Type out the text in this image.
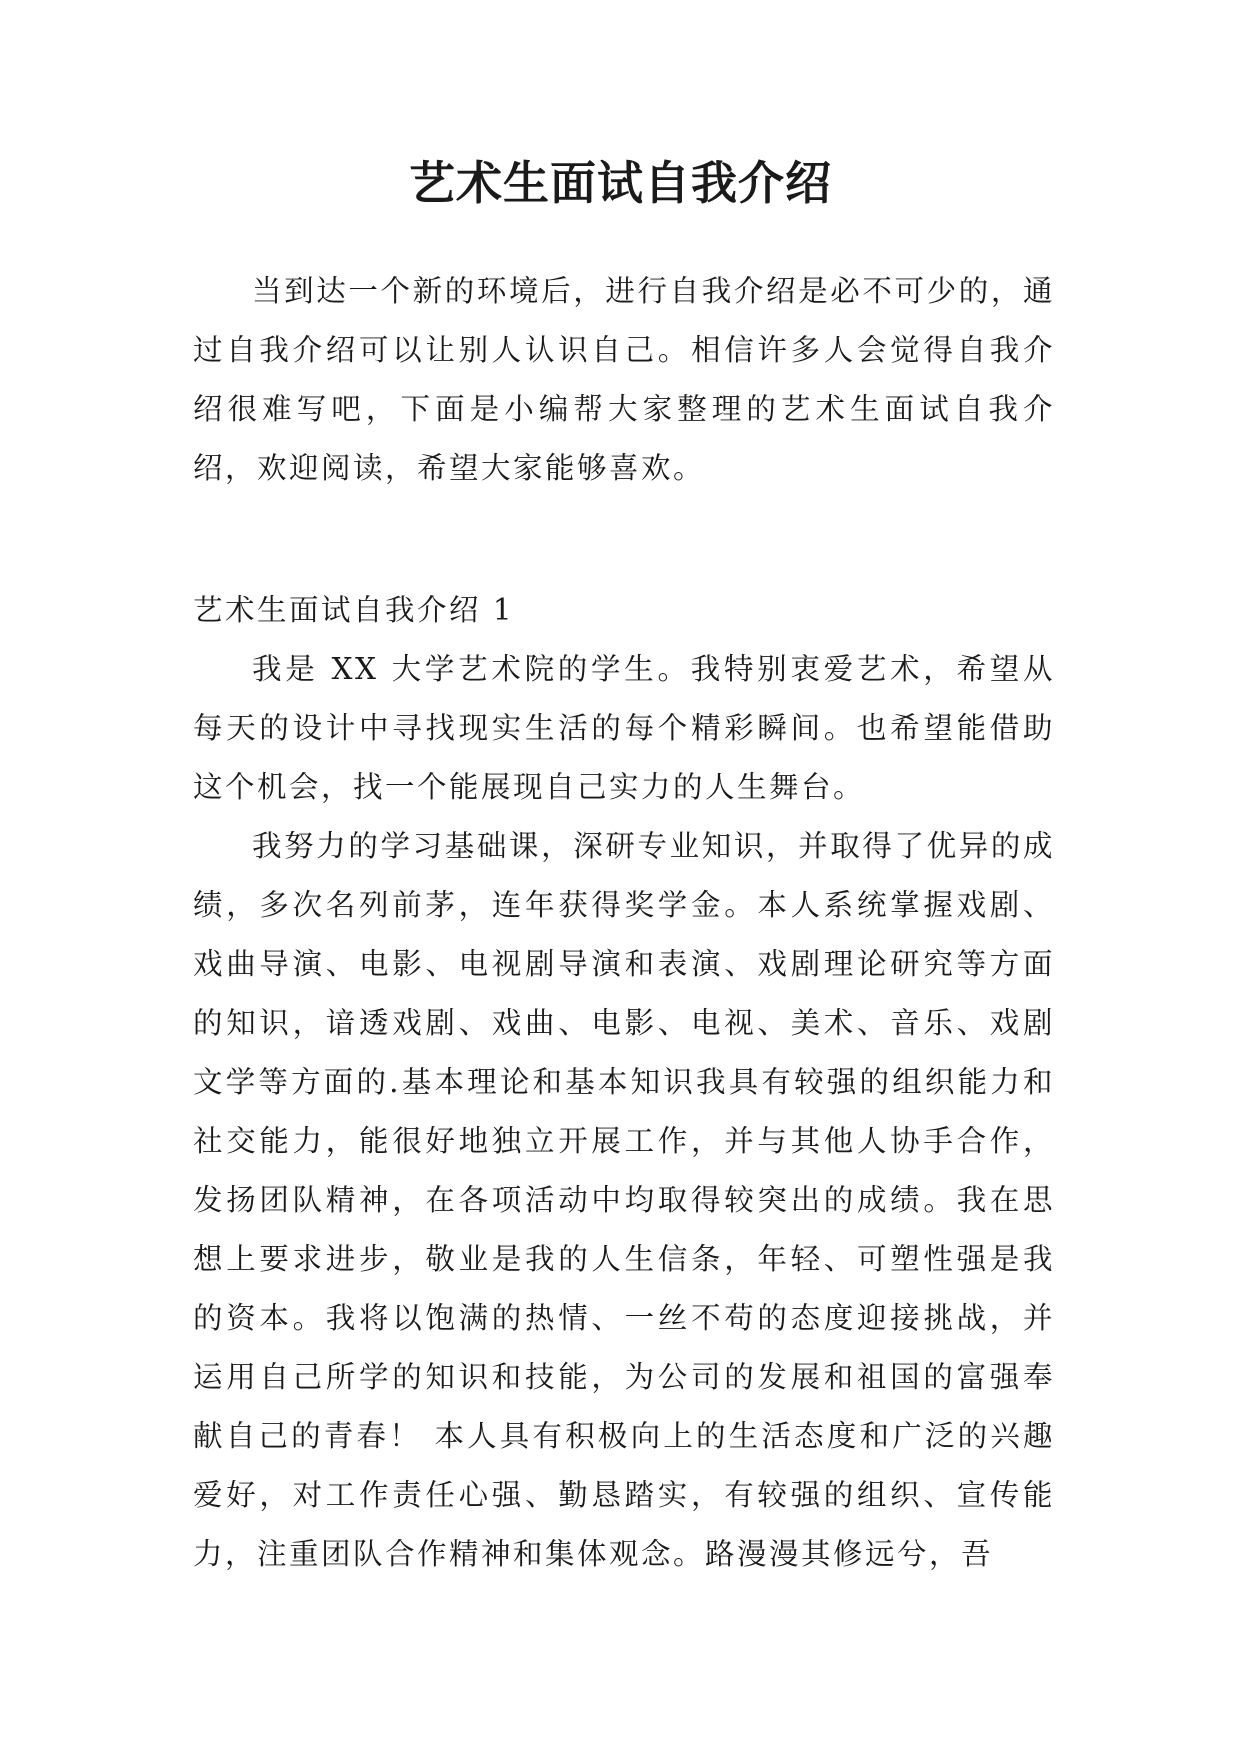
艺术生面试自我介绍

当到达一个新的环境后，进行自我介绍是必不可少的，通过自我介绍可以让别人认识自己。相信许多人会觉得自我介绍很难写吧，下面是小编帮大家整理的艺术生面试自我介绍，欢迎阅读，希望大家能够喜欢。

艺术生面试自我介绍 1

我是 XX 大学艺术院的学生。我特别衷爱艺术，希望从每天的设计中寻找现实生活的每个精彩瞬间。也希望能借助这个机会，找一个能展现自己实力的人生舞台。

我努力的学习基础课，深研专业知识，并取得了优异的成绩，多次名列前茅，连年获得奖学金。本人系统掌握戏剧、戏曲导演、电影、电视剧导演和表演、戏剧理论研究等方面的知识，谙透戏剧、戏曲、电影、电视、美术、音乐、戏剧文学等方面的.基本理论和基本知识我具有较强的组织能力和社交能力，能很好地独立开展工作，并与其他人协手合作，发扬团队精神，在各项活动中均取得较突出的成绩。我在思想上要求进步，敬业是我的人生信条，年轻、可塑性强是我的资本。我将以饱满的热情、一丝不苟的态度迎接挑战，并运用自己所学的知识和技能，为公司的发展和祖国的富强奉献自己的青春！ 本人具有积极向上的生活态度和广泛的兴趣爱好，对工作责任心强、勤恳踏实，有较强的组织、宣传能力，注重团队合作精神和集体观念。路漫漫其修远兮，吾
